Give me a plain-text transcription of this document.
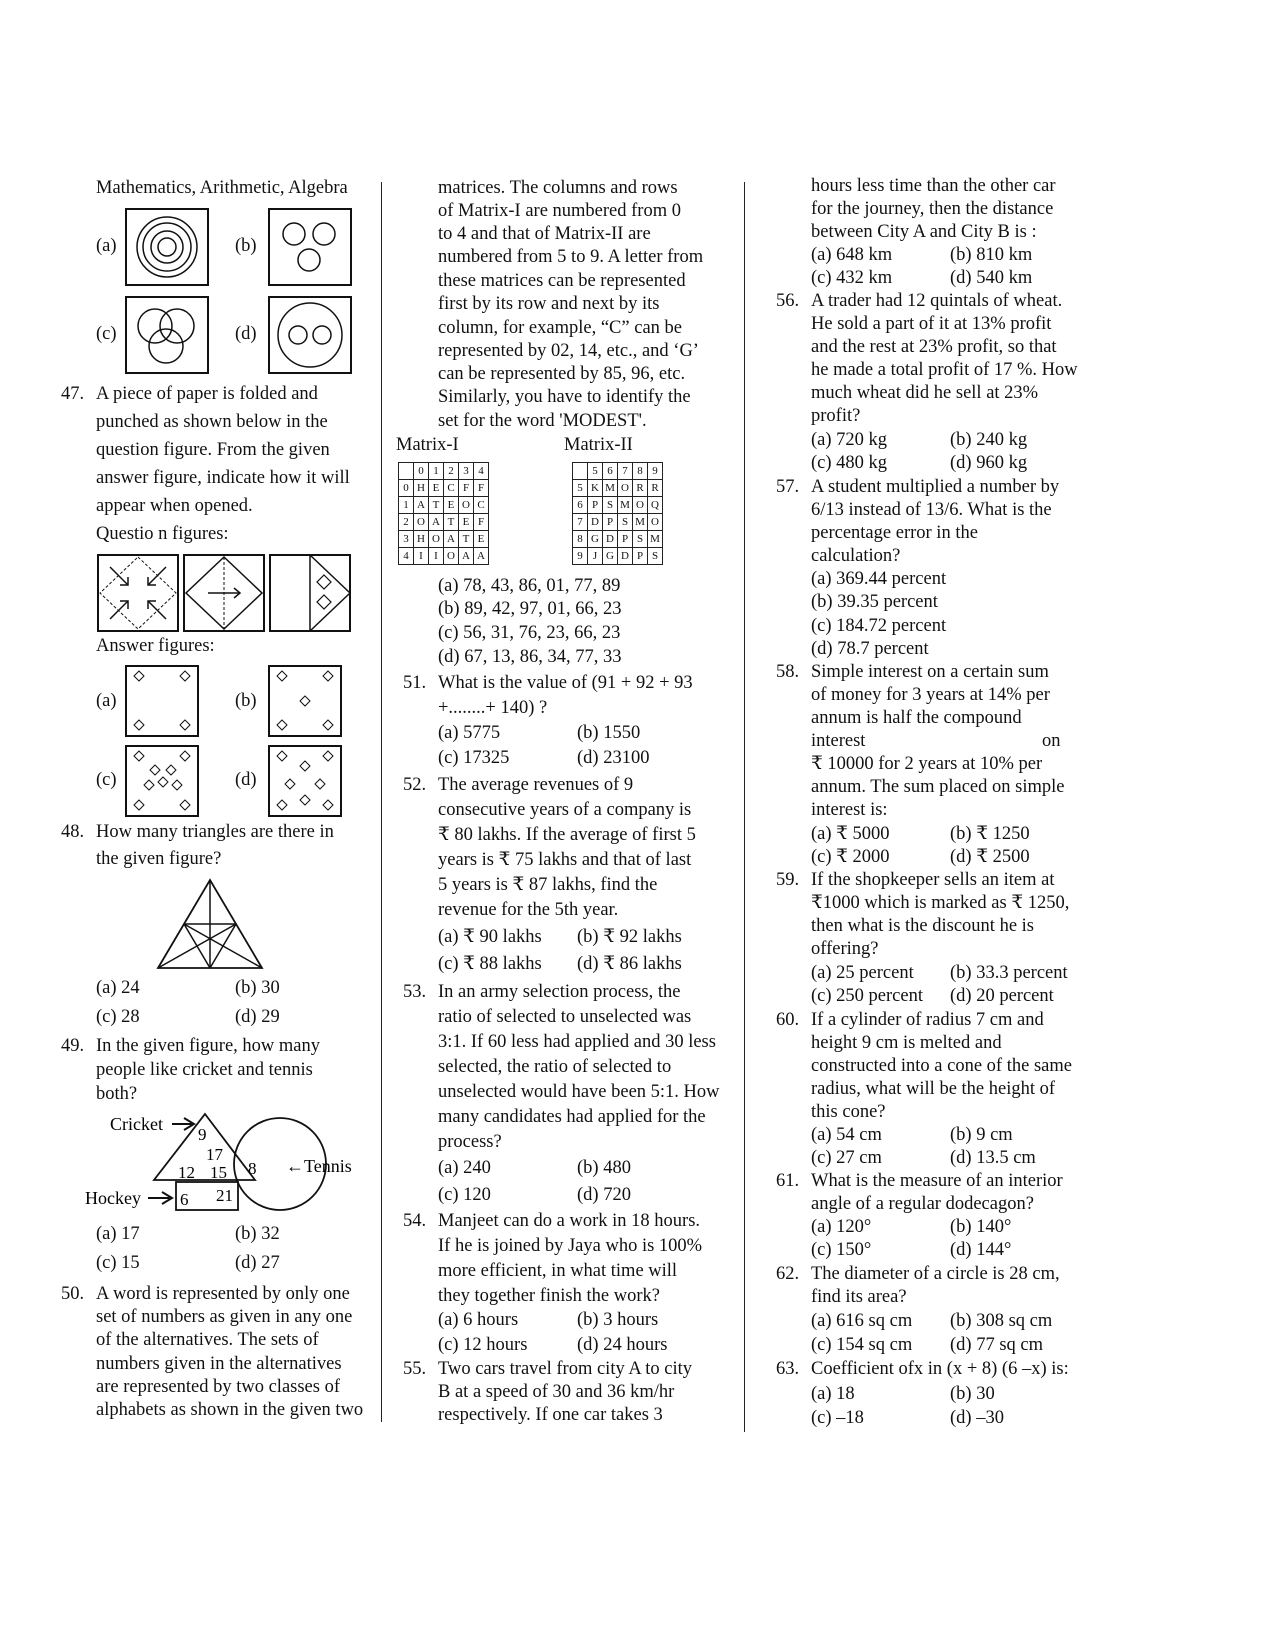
Mathematics, Arithmetic, Algebra
(a)	(b)
(c)	(d)
47. A piece of paper is folded and
punched as shown below in the
question figure. From the given
answer figure, indicate how it will
appear when opened.
Questio n figures:
Answer figures:
(a)	(b)
(c)	(d)
48. How many triangles are there in
the given figure?
(a) 24	(b) 30
(c) 28	(d) 29
49. In the given figure, how many
people like cricket and tennis
both?
Cricket
←Tennis
Hockey
9
17
12 15 8
6 21
(a) 17	(b) 32
(c) 15	(d) 27
50. A word is represented by only one
set of numbers as given in any one
of the alternatives. The sets of
numbers given in the alternatives
are represented by two classes of
alphabets as shown in the given two
matrices. The columns and rows
of Matrix-I are numbered from 0
to 4 and that of Matrix-II are
numbered from 5 to 9. A letter from
these matrices can be represented
first by its row and next by its
column, for example, “C” can be
represented by 02, 14, etc., and ‘G’
can be represented by 85, 96, etc.
Similarly, you have to identify the
set for the word 'MODEST'.
Matrix-I	Matrix-II
	0	1	2	3	4
0	H	E	C	F	F
1	A	T	E	O	C
2	O	A	T	E	F
3	H	O	A	T	E
4	I	I	O	A	A
	5	6	7	8	9
5	K	M	O	R	R
6	P	S	M	O	Q
7	D	P	S	M	O
8	G	D	P	S	M
9	J	G	D	P	S
(a) 78, 43, 86, 01, 77, 89
(b) 89, 42, 97, 01, 66, 23
(c) 56, 31, 76, 23, 66, 23
(d) 67, 13, 86, 34, 77, 33
51. What is the value of (91 + 92 + 93
+........+ 140) ?
(a) 5775	(b) 1550
(c) 17325	(d) 23100
52. The average revenues of 9
consecutive years of a company is
₹ 80 lakhs. If the average of first 5
years is ₹ 75 lakhs and that of last
5 years is ₹ 87 lakhs, find the
revenue for the 5th year.
(a) ₹ 90 lakhs (b) ₹ 92 lakhs
(c) ₹ 88 lakhs (d) ₹ 86 lakhs
53. In an army selection process, the
ratio of selected to unselected was
3:1. If 60 less had applied and 30 less
selected, the ratio of selected to
unselected would have been 5:1. How
many candidates had applied for the
process?
(a) 240	(b) 480
(c) 120	(d) 720
54. Manjeet can do a work in 18 hours.
If he is joined by Jaya who is 100%
more efficient, in what time will
they together finish the work?
(a) 6 hours	(b) 3 hours
(c) 12 hours	(d) 24 hours
55. Two cars travel from city A to city
B at a speed of 30 and 36 km/hr
respectively. If one car takes 3
hours less time than the other car
for the journey, then the distance
between City A and City B is :
(a) 648 km	(b) 810 km
(c) 432 km	(d) 540 km
56. A trader had 12 quintals of wheat.
He sold a part of it at 13% profit
and the rest at 23% profit, so that
he made a total profit of 17 %. How
much wheat did he sell at 23%
profit?
(a) 720 kg	(b) 240 kg
(c) 480 kg	(d) 960 kg
57. A student multiplied a number by
6/13 instead of 13/6. What is the
percentage error in the
calculation?
(a) 369.44 percent
(b) 39.35 percent
(c) 184.72 percent
(d) 78.7 percent
58. Simple interest on a certain sum
of money for 3 years at 14% per
annum is half the compound
interest	on
₹ 10000 for 2 years at 10% per
annum. The sum placed on simple
interest is:
(a) ₹ 5000	(b) ₹ 1250
(c) ₹ 2000	(d) ₹ 2500
59. If the shopkeeper sells an item at
₹1000 which is marked as ₹ 1250,
then what is the discount he is
offering?
(a) 25 percent (b) 33.3 percent
(c) 250 percent (d) 20 percent
60. If a cylinder of radius 7 cm and
height 9 cm is melted and
constructed into a cone of the same
radius, what will be the height of
this cone?
(a) 54 cm	(b) 9 cm
(c) 27 cm	(d) 13.5 cm
61. What is the measure of an interior
angle of a regular dodecagon?
(a) 120°	(b) 140°
(c) 150°	(d) 144°
62. The diameter of a circle is 28 cm,
find its area?
(a) 616 sq cm (b) 308 sq cm
(c) 154 sq cm (d) 77 sq cm
63. Coefficient ofx in (x + 8) (6 –x) is:
(a) 18	(b) 30
(c) –18	(d) –30
